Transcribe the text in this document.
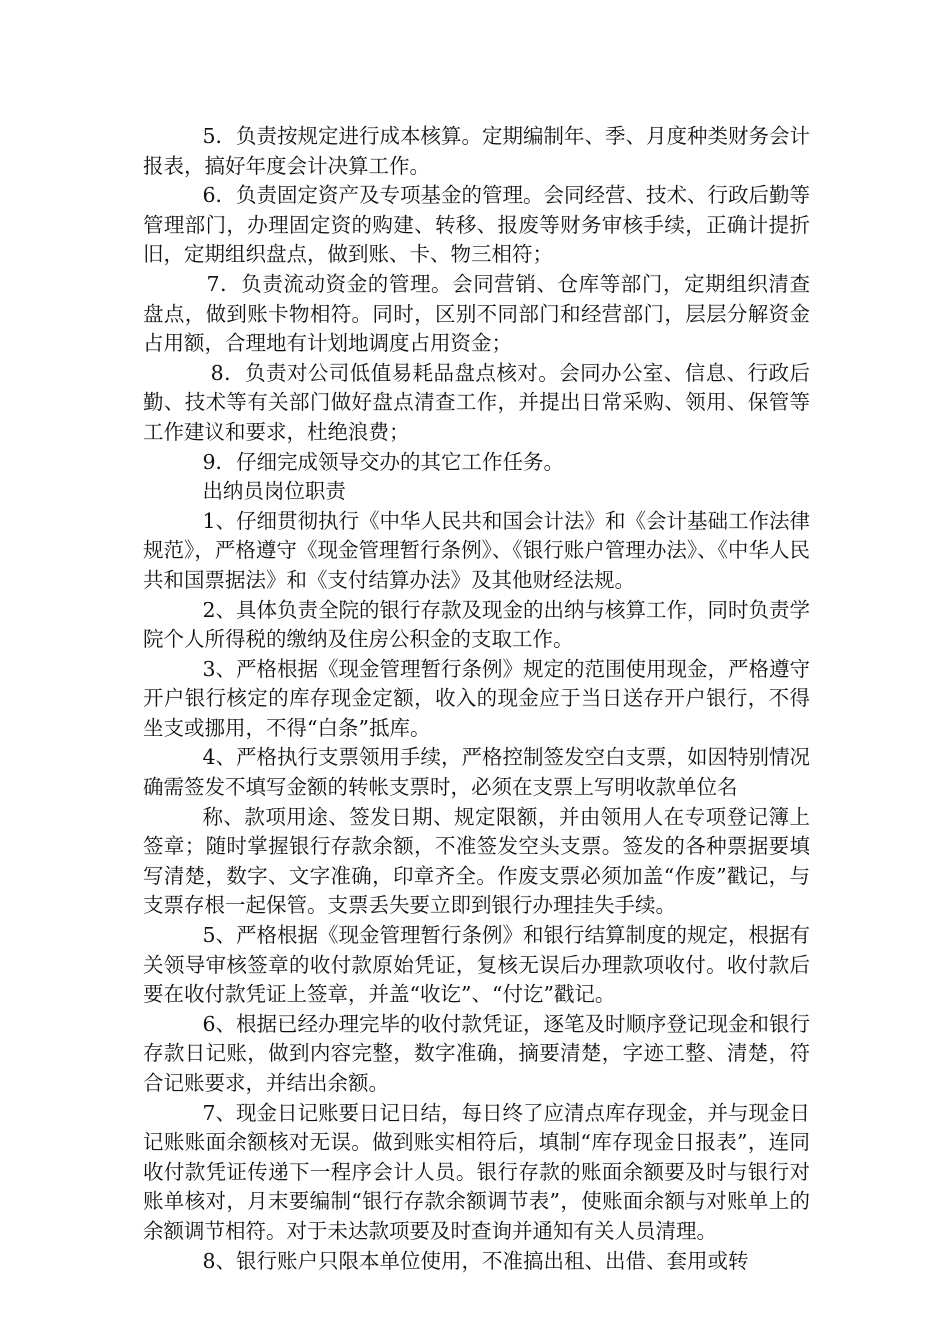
5．负责按规定进行成本核算。定期编制年、季、月度种类财务会计报表，搞好年度会计决算工作。

6．负责固定资产及专项基金的管理。会同经营、技术、行政后勤等管理部门，办理固定资的购建、转移、报废等财务审核手续，正确计提折旧，定期组织盘点，做到账、卡、物三相符；

7．负责流动资金的管理。会同营销、仓库等部门，定期组织清查盘点，做到账卡物相符。同时，区别不同部门和经营部门，层层分解资金占用额，合理地有计划地调度占用资金；

8．负责对公司低值易耗品盘点核对。会同办公室、信息、行政后勤、技术等有关部门做好盘点清查工作，并提出日常采购、领用、保管等工作建议和要求，杜绝浪费；

9．仔细完成领导交办的其它工作任务。

出纳员岗位职责

1、仔细贯彻执行《中华人民共和国会计法》和《会计基础工作法律规范》，严格遵守《现金管理暂行条例》、《银行账户管理办法》、《中华人民共和国票据法》和《支付结算办法》及其他财经法规。

2、具体负责全院的银行存款及现金的出纳与核算工作，同时负责学院个人所得税的缴纳及住房公积金的支取工作。

3、严格根据《现金管理暂行条例》规定的范围使用现金，严格遵守开户银行核定的库存现金定额，收入的现金应于当日送存开户银行，不得坐支或挪用，不得“白条”抵库。

4、严格执行支票领用手续，严格控制签发空白支票，如因特别情况确需签发不填写金额的转帐支票时，必须在支票上写明收款单位名

称、款项用途、签发日期、规定限额，并由领用人在专项登记簿上签章；随时掌握银行存款余额，不准签发空头支票。签发的各种票据要填写清楚，数字、文字准确，印章齐全。作废支票必须加盖“作废”戳记，与支票存根一起保管。支票丢失要立即到银行办理挂失手续。

5、严格根据《现金管理暂行条例》和银行结算制度的规定，根据有关领导审核签章的收付款原始凭证，复核无误后办理款项收付。收付款后要在收付款凭证上签章，并盖“收讫”、“付讫”戳记。

6、根据已经办理完毕的收付款凭证，逐笔及时顺序登记现金和银行存款日记账，做到内容完整，数字准确，摘要清楚，字迹工整、清楚，符合记账要求，并结出余额。

7、现金日记账要日记日结，每日终了应清点库存现金，并与现金日记账账面余额核对无误。做到账实相符后，填制“库存现金日报表”，连同收付款凭证传递下一程序会计人员。银行存款的账面余额要及时与银行对账单核对，月末要编制“银行存款余额调节表”，使账面余额与对账单上的余额调节相符。对于未达款项要及时查询并通知有关人员清理。

8、银行账户只限本单位使用，不准搞出租、出借、套用或转
